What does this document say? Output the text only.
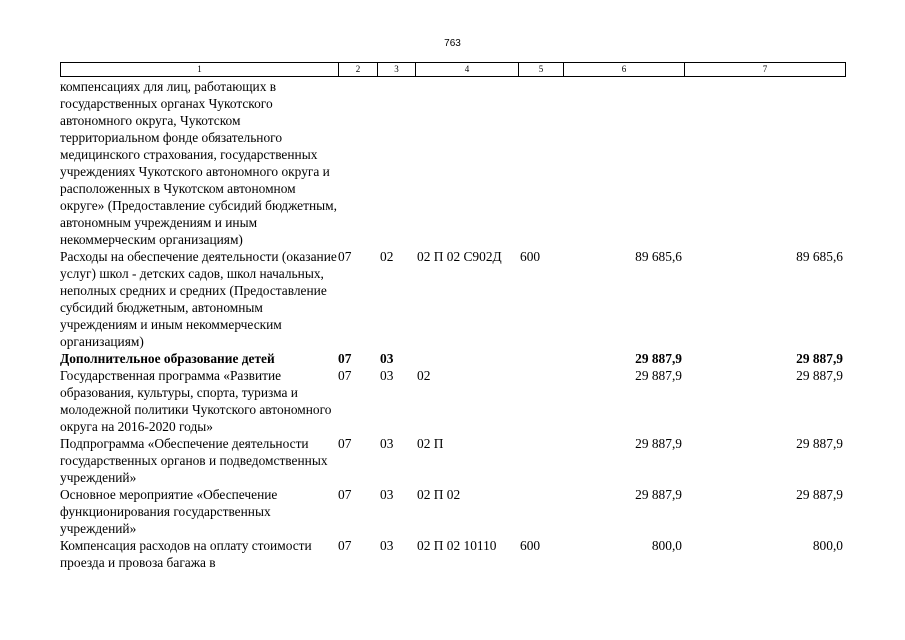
763
1	2	3	4	5	6	7
компенсациях для лиц, работающих в государственных органах Чукотского автономного округа, Чукотском территориальном фонде обязательного медицинского страхования, государственных учреждениях Чукотского автономного округа и расположенных в Чукотском автономном округе» (Предоставление субсидий бюджетным, автономным учреждениям и иным некоммерческим организациям)						
Расходы на обеспечение деятельности (оказание услуг) школ - детских садов, школ начальных, неполных средних и средних (Предоставление субсидий бюджетным, автономным учреждениям и иным некоммерческим организациям)	07	02	02 П 02 С902Д	600	89 685,6	89 685,6
Дополнительное образование детей	07	03			29 887,9	29 887,9
Государственная программа «Развитие образования, культуры, спорта, туризма и молодежной политики Чукотского автономного округа на 2016-2020 годы»	07	03	02		29 887,9	29 887,9
Подпрограмма «Обеспечение деятельности государственных органов и подведомственных учреждений»	07	03	02 П		29 887,9	29 887,9
Основное мероприятие «Обеспечение функционирования государственных учреждений»	07	03	02 П 02		29 887,9	29 887,9
Компенсация расходов на оплату стоимости проезда и провоза багажа в	07	03	02 П 02 10110	600	800,0	800,0
